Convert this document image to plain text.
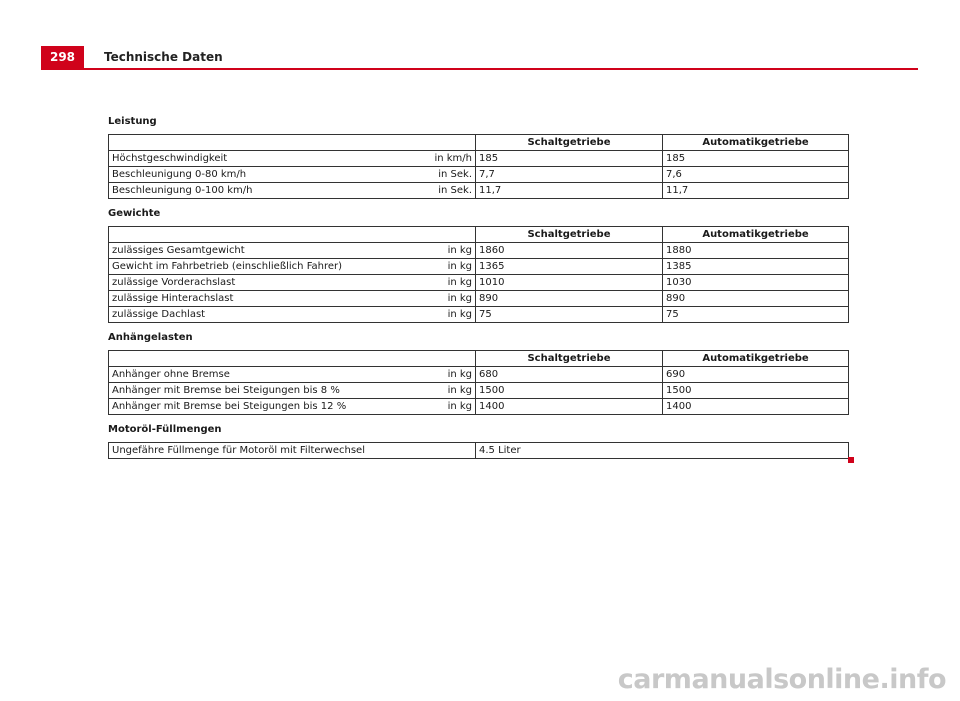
298	Technische Daten
Leistung
	Schaltgetriebe	Automatikgetriebe

Höchstgeschwindigkeit in km/h	185	185

Beschleunigung 0-80 km/h in Sek.	7,7	7,6

Beschleunigung 0-100 km/h in Sek.	11,7	11,7
Gewichte
	Schaltgetriebe	Automatikgetriebe

zulässiges Gesamtgewicht in kg	1860	1880

Gewicht im Fahrbetrieb (einschließlich Fahrer) in kg	1365	1385

zulässige Vorderachslast in kg	1010	1030

zulässige Hinterachslast in kg	890	890

zulässige Dachlast in kg	75	75
Anhängelasten
	Schaltgetriebe	Automatikgetriebe

Anhänger ohne Bremse in kg	680	690

Anhänger mit Bremse bei Steigungen bis 8 % in kg	1500	1500

Anhänger mit Bremse bei Steigungen bis 12 % in kg	1400	1400
Motoröl-Füllmengen
Ungefähre Füllmenge für Motoröl mit Filterwechsel	4.5 Liter
carmanualsonline.info
